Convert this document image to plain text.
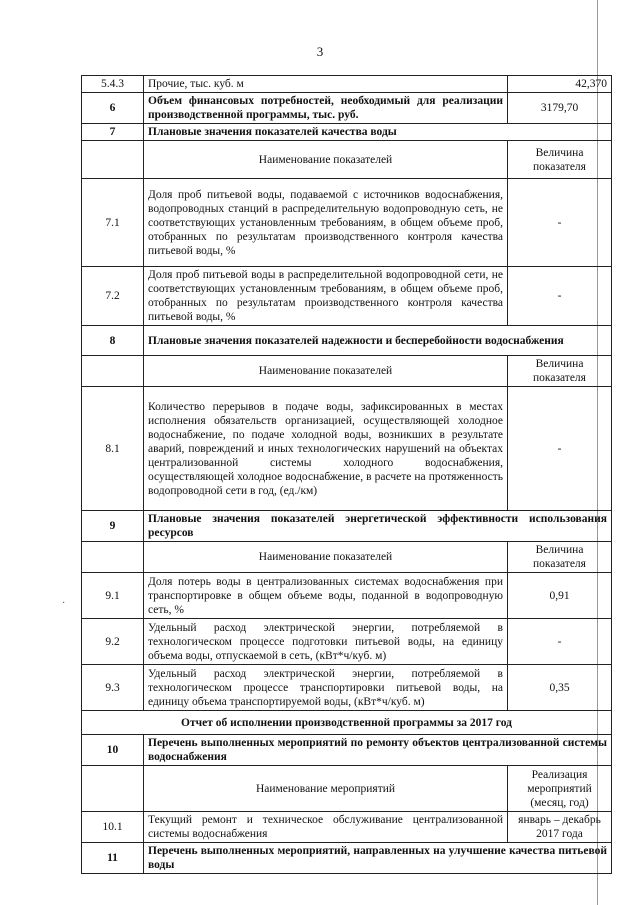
3
·
5.4.3	Прочие, тыс. куб. м	42,370
6	Объем финансовых потребностей, необходимый для реализации производственной программы, тыс. руб.	3179,70
7	Плановые значения показателей качества воды	
	Наименование показателей	Величина показателя
7.1	Доля проб питьевой воды, подаваемой с источников водоснабжения, водопроводных станций в распределительную водопроводную сеть, не соответствующих установленным требованиям, в общем объеме проб, отобранных по результатам производственного контроля качества питьевой воды, %	-
7.2	Доля проб питьевой воды в распределительной водопроводной сети, не соответствующих установленным требованиям, в общем объеме проб, отобранных по результатам производственного контроля качества питьевой воды, %	-
8	Плановые значения показателей надежности и бесперебойности водоснабжения	
	Наименование показателей	Величина показателя
8.1	Количество перерывов в подаче воды, зафиксированных в местах исполнения обязательств организацией, осуществляющей холодное водоснабжение, по подаче холодной воды, возникших в результате аварий, повреждений и иных технологических нарушений на объектах централизованной системы холодного водоснабжения, осуществляющей холодное водоснабжение, в расчете на протяженность водопроводной сети в год, (ед./км)	-
9	Плановые значения показателей энергетической эффективности использования ресурсов	
	Наименование показателей	Величина показателя
9.1	Доля потерь воды в централизованных системах водоснабжения при транспортировке в общем объеме воды, поданной в водопроводную сеть, %	0,91
9.2	Удельный расход электрической энергии, потребляемой в технологическом процессе подготовки питьевой воды, на единицу объема воды, отпускаемой в сеть, (кВт*ч/куб. м)	-
9.3	Удельный расход электрической энергии, потребляемой в технологическом процессе транспортировки питьевой воды, на единицу объема транспортируемой воды, (кВт*ч/куб. м)	0,35
Отчет об исполнении производственной программы за 2017 год		
10	Перечень выполненных мероприятий по ремонту объектов централизованной системы водоснабжения	
	Наименование мероприятий	Реализация мероприятий (месяц, год)
10.1	Текущий ремонт и техническое обслуживание централизованной системы водоснабжения	январь – декабрь 2017 года
11	Перечень выполненных мероприятий, направленных на улучшение качества питьевой воды	
